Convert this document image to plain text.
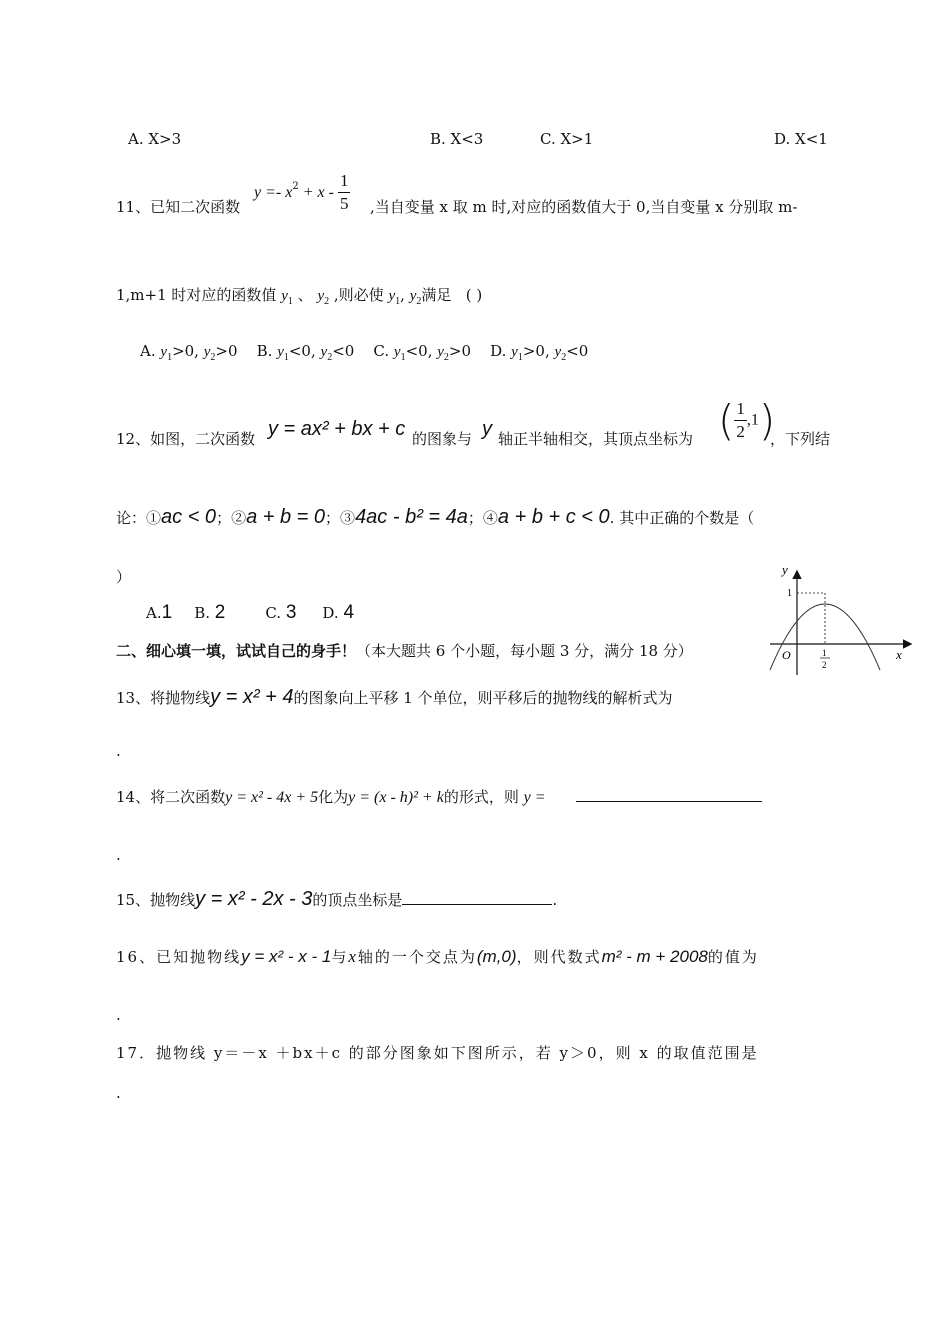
A. X>3	B. X<3	C. X>1	D. X<1
11、已知二次函数
$y =- x^2 + x - \frac{1}{5}$ ,当自变量 x 取 m 时,对应的函数值大于 0,当自变量 x 分别取 m-
1,m+1 时对应的函数值 $y_1$ 、 $y_2$ ,则必使 $y_1$, $y_2$满足 ( )
A. $y_1>0$, $y_2>0$ B. $y_1<0$, $y_2<0$ C. $y_1<0$, $y_2>0$ D. $y_1>0$, $y_2<0$
12、如图，二次函数 y = ax² + bx + c 的图象与 y 轴正半轴相交，其顶点坐标为 ( $\frac{1}{2} ,1$)
，下列结
论：① ac < 0 ；② a + b = 0 ；③ 4ac - b² = 4a ；④ a + b + c < 0 . 其中正确的个数是（
）
A.1 B. 2	C. 3 D. 4
y
x
O
1
1
2
二、细心填一填，试试自己的身手！（本大题共 6 个小题，每小题 3 分，满分 18 分）
13、将抛物线 y = x² + 4 的图象向上平移 1 个单位，则平移后的抛物线的解析式为
.
14、将二次函数 y = x² - 4x + 5 化为 y = (x - h)² + k 的形式，则
y =
.
15、抛物线 y = x² - 2x - 3 的顶点坐标是	.
16、已知抛物线 y = x² - x - 1 与 x 轴的一个交点为 (m,0) ，则代数式 m² - m + 2008 的值为
.
17．抛物线 y＝－x ＋bx＋c 的部分图象如下图所示，若 y＞0，则 x 的取值范围是
.
